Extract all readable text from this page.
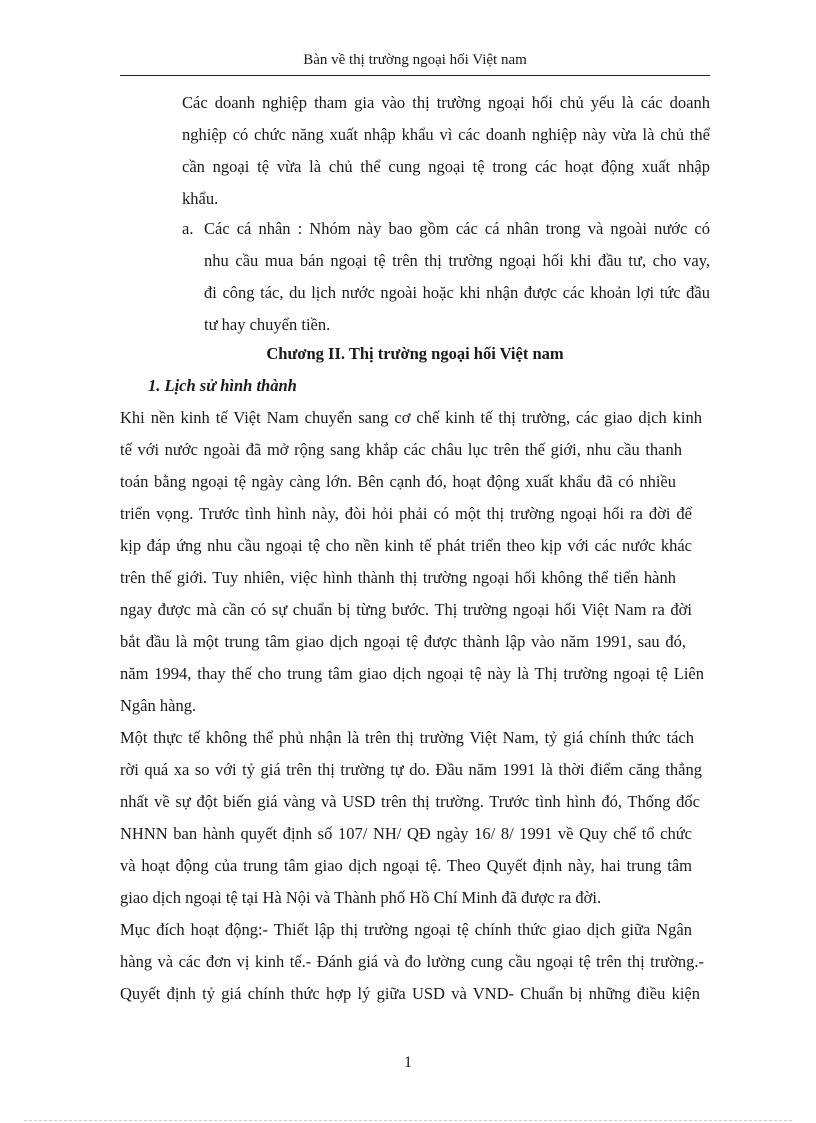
Bàn về thị trường ngoại hối Việt nam
Các doanh nghiệp tham gia vào thị trường ngoại hối chủ yếu là các doanh
nghiệp có chức năng xuất nhập khẩu vì các doanh nghiệp này vừa là chủ thể
cần ngoại tệ vừa là chủ thể cung ngoại tệ trong các hoạt động xuất nhập
khẩu.
a. Các cá nhân : Nhóm này bao gồm các cá nhân trong và ngoài nước có
nhu cầu mua bán ngoại tệ trên thị trường ngoại hối khi đầu tư, cho vay,
đi công tác, du lịch nước ngoài hoặc khi nhận được các khoản lợi tức đầu
tư hay chuyển tiền.
Chương II. Thị trường ngoại hối Việt nam
1. Lịch sử hình thành
Khi nền kinh tế Việt Nam chuyển sang cơ chế kinh tế thị trường, các giao dịch kinh
tế với nước ngoài đã mở rộng sang khắp các châu lục trên thế giới, nhu cầu thanh
toán bằng ngoại tệ ngày càng lớn. Bên cạnh đó, hoạt động xuất khẩu đã có nhiều
triển vọng. Trước tình hình này, đòi hỏi phải có một thị trường ngoại hối ra đời để
kịp đáp ứng nhu cầu ngoại tệ cho nền kinh tế phát triển theo kịp với các nước khác
trên thế giới. Tuy nhiên, việc hình thành thị trường ngoại hối không thể tiến hành
ngay được mà cần có sự chuẩn bị từng bước. Thị trường ngoại hối Việt Nam ra đời
bắt đầu là một trung tâm giao dịch ngoại tệ được thành lập vào năm 1991, sau đó,
năm 1994, thay thế cho trung tâm giao dịch ngoại tệ này là Thị trường ngoại tệ Liên
Ngân hàng.
Một thực tế không thể phủ nhận là trên thị trường Việt Nam, tỷ giá chính thức tách
rời quá xa so với tỷ giá trên thị trường tự do. Đầu năm 1991 là thời điểm căng thẳng
nhất về sự đột biến giá vàng và USD trên thị trường. Trước tình hình đó, Thống đốc
NHNN ban hành quyết định số 107/ NH/ QĐ ngày 16/ 8/ 1991 về Quy chế tổ chức
và hoạt động của trung tâm giao dịch ngoại tệ. Theo Quyết định này, hai trung tâm
giao dịch ngoại tệ tại Hà Nội và Thành phố Hồ Chí Minh đã được ra đời.
Mục đích hoạt động:- Thiết lập thị trường ngoại tệ chính thức giao dịch giữa Ngân
hàng và các đơn vị kinh tế.- Đánh giá và đo lường cung cầu ngoại tệ trên thị trường.-
Quyết định tỷ giá chính thức hợp lý giữa USD và VND- Chuẩn bị những điều kiện
1
